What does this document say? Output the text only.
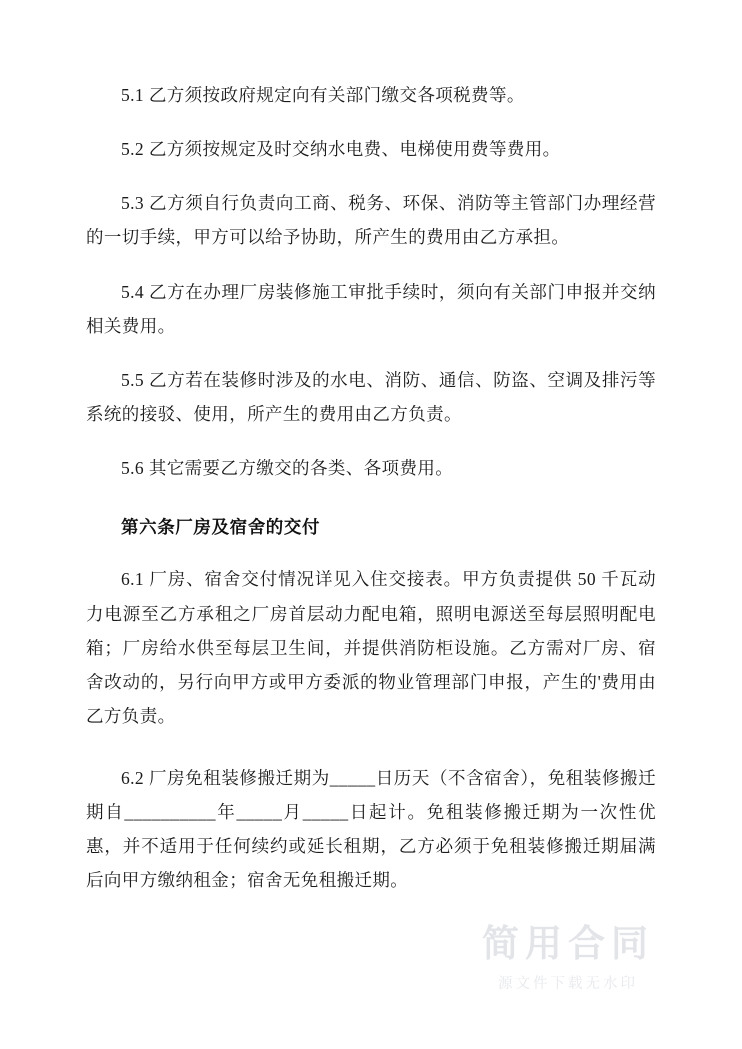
5.1 乙方须按政府规定向有关部门缴交各项税费等。

5.2 乙方须按规定及时交纳水电费、电梯使用费等费用。

5.3 乙方须自行负责向工商、税务、环保、消防等主管部门办理经营的一切手续，甲方可以给予协助，所产生的费用由乙方承担。

5.4 乙方在办理厂房装修施工审批手续时，须向有关部门申报并交纳相关费用。

5.5 乙方若在装修时涉及的水电、消防、通信、防盗、空调及排污等系统的接驳、使用，所产生的费用由乙方负责。

5.6 其它需要乙方缴交的各类、各项费用。

第六条厂房及宿舍的交付

6.1 厂房、宿舍交付情况详见入住交接表。甲方负责提供 50 千瓦动力电源至乙方承租之厂房首层动力配电箱，照明电源送至每层照明配电箱；厂房给水供至每层卫生间，并提供消防柜设施。乙方需对厂房、宿舍改动的，另行向甲方或甲方委派的物业管理部门申报，产生的'费用由乙方负责。

6.2 厂房免租装修搬迁期为_____日历天（不含宿舍），免租装修搬迁期自__________年_____月_____日起计。免租装修搬迁期为一次性优惠，并不适用于任何续约或延长租期，乙方必须于免租装修搬迁期届满后向甲方缴纳租金；宿舍无免租搬迁期。

简用合同
源文件下载无水印
